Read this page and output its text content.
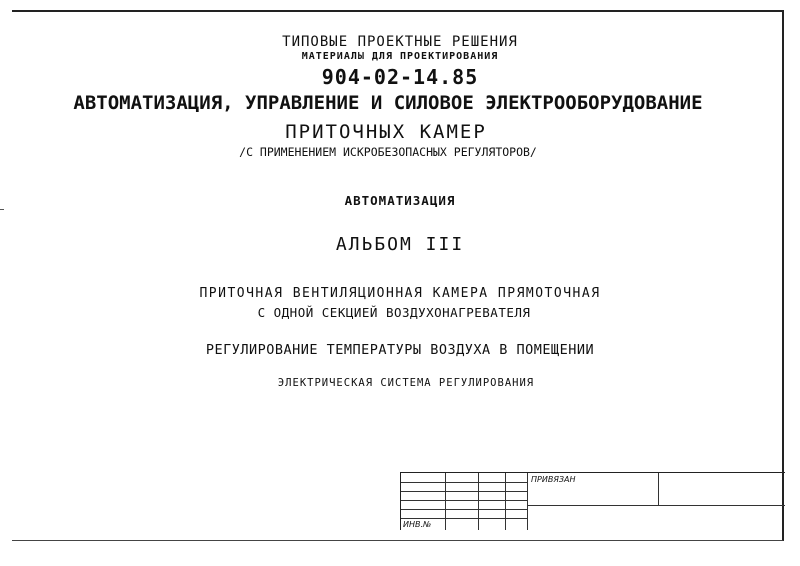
ТИПОВЫЕ ПРОЕКТНЫЕ РЕШЕНИЯ
МАТЕРИАЛЫ ДЛЯ ПРОЕКТИРОВАНИЯ
904-02-14.85
АВТОМАТИЗАЦИЯ, УПРАВЛЕНИЕ И СИЛОВОЕ ЭЛЕКТРООБОРУДОВАНИЕ
ПРИТОЧНЫХ КАМЕР
/С ПРИМЕНЕНИЕМ ИСКРОБЕЗОПАСНЫХ РЕГУЛЯТОРОВ/
АВТОМАТИЗАЦИЯ
АЛЬБОМ III
ПРИТОЧНАЯ ВЕНТИЛЯЦИОННАЯ КАМЕРА ПРЯМОТОЧНАЯ
С ОДНОЙ СЕКЦИЕЙ ВОЗДУХОНАГРЕВАТЕЛЯ
РЕГУЛИРОВАНИЕ ТЕМПЕРАТУРЫ ВОЗДУХА В ПОМЕЩЕНИИ
ЭЛЕКТРИЧЕСКАЯ СИСТЕМА РЕГУЛИРОВАНИЯ
ПРИВЯЗАН
ИНВ.№
